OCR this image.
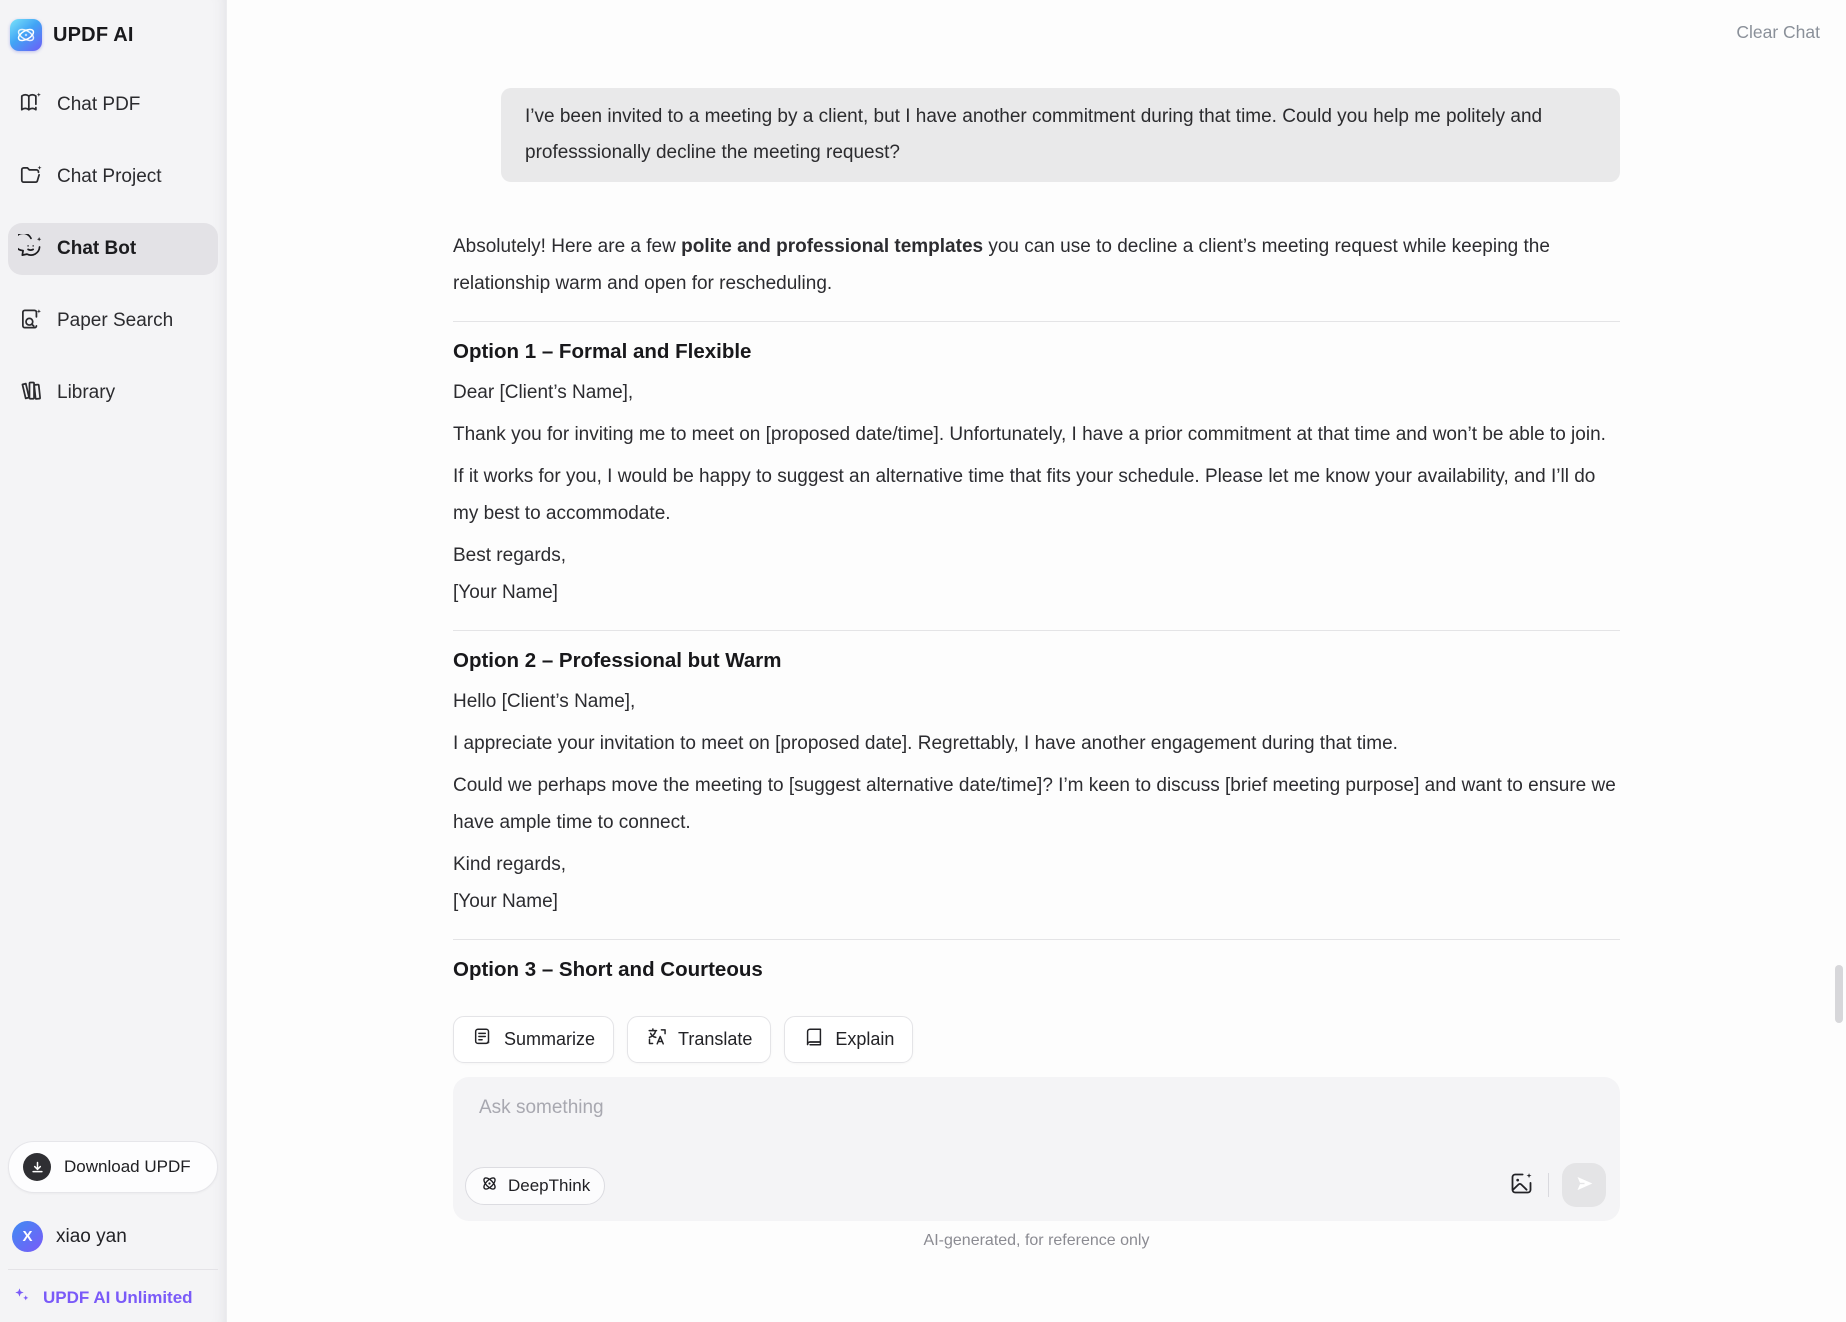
UPDF AI
Chat PDF
Chat Project
Chat Bot
Paper Search
Library
Download UPDF
X	xiao yan
UPDF AI Unlimited
Clear Chat
I’ve been invited to a meeting by a client, but I have another commitment during that time. Could you help me politely and professsionally decline the meeting request?

Absolutely! Here are a few polite and professional templates you can use to decline a client’s meeting request while keeping the relationship warm and open for rescheduling.

Option 1 – Formal and Flexible

Dear [Client’s Name],

Thank you for inviting me to meet on [proposed date/time]. Unfortunately, I have a prior commitment at that time and won’t be able to join.

If it works for you, I would be happy to suggest an alternative time that fits your schedule. Please let me know your availability, and I’ll do my best to accommodate.

Best regards,
[Your Name]

Option 2 – Professional but Warm

Hello [Client’s Name],

I appreciate your invitation to meet on [proposed date]. Regrettably, I have another engagement during that time.

Could we perhaps move the meeting to [suggest alternative date/time]? I’m keen to discuss [brief meeting purpose] and want to ensure we have ample time to connect.

Kind regards,
[Your Name]

Option 3 – Short and Courteous
Summarize	Translate	Explain
Ask something
DeepThink
AI-generated, for reference only
